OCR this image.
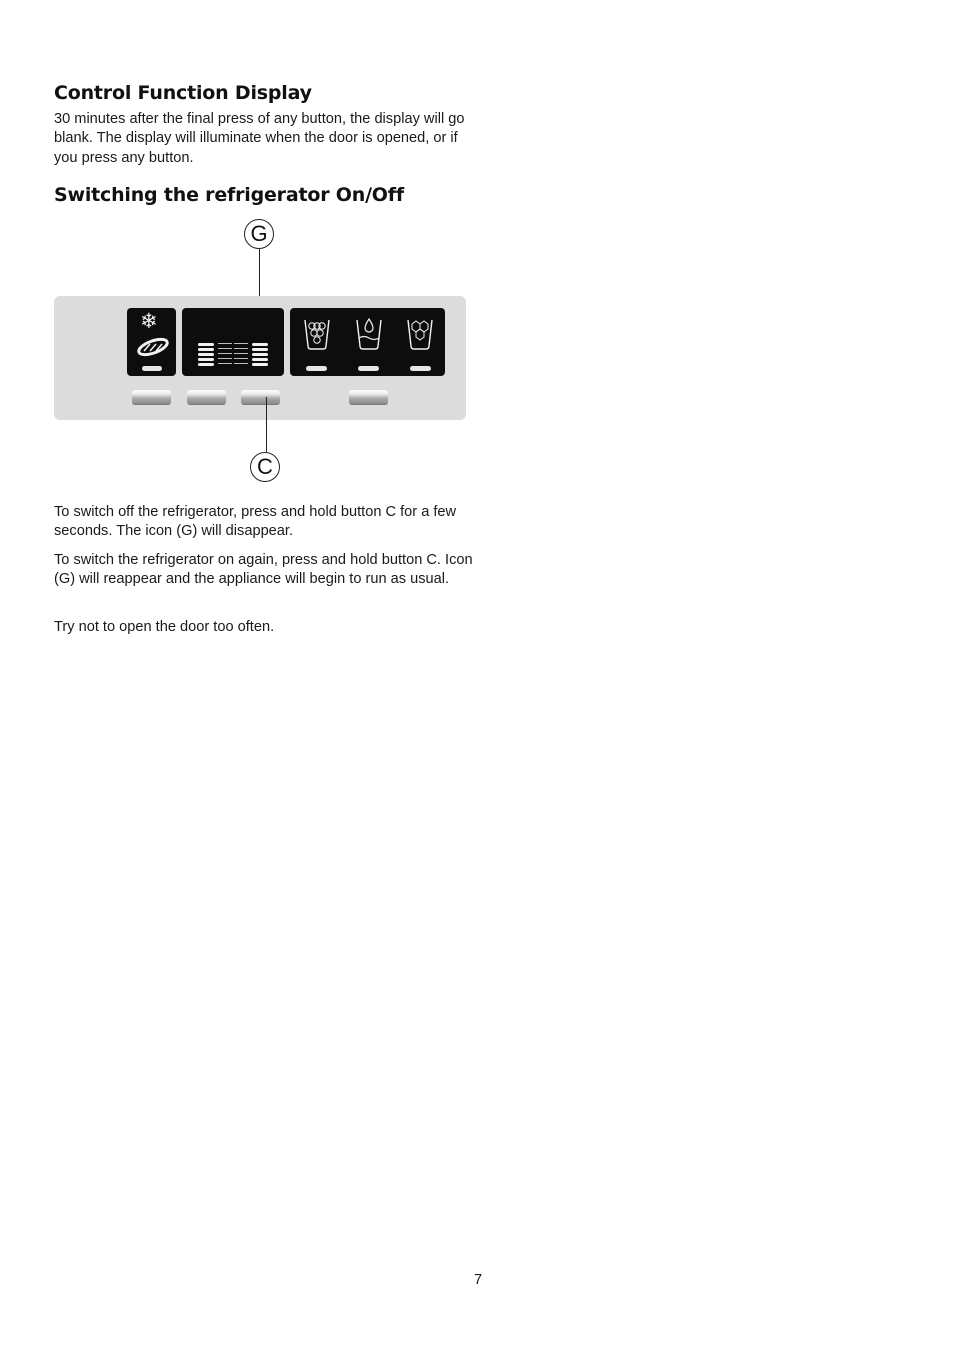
Control Function Display

30 minutes after the final press of any button, the display will go blank. The display will illuminate when the door is opened, or if you press any button.

Switching the refrigerator On/Off
G
❄
C

To switch off the refrigerator, press and hold button C for a few seconds. The icon (G) will disappear.

To switch the refrigerator on again, press and hold button C. Icon (G) will reappear and the appliance will begin to run as usual.

Try not to open the door too often.

7
